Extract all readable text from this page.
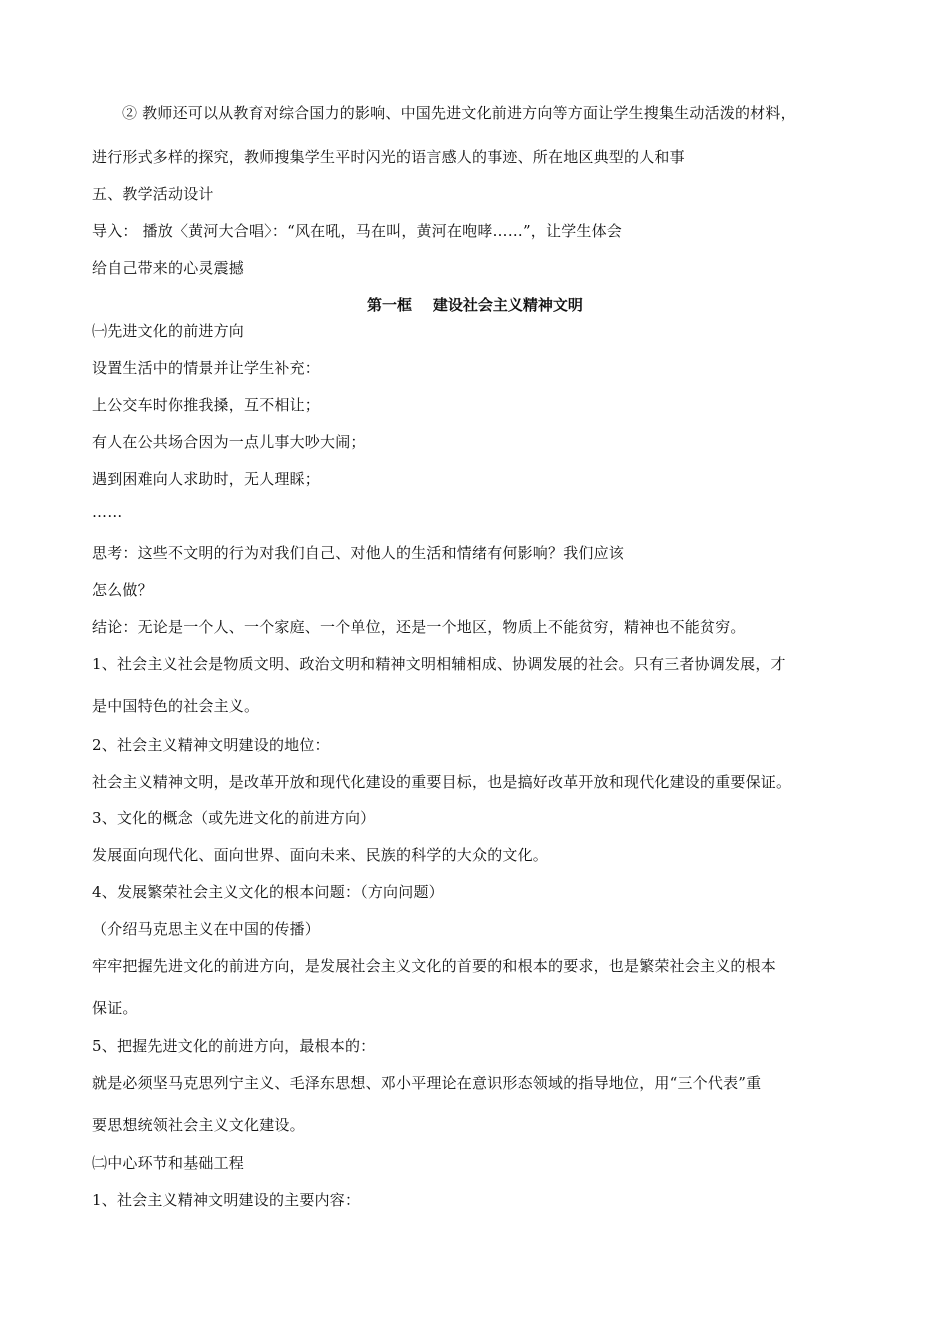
② 教师还可以从教育对综合国力的影响、中国先进文化前进方向等方面让学生搜集生动活泼的材料，
进行形式多样的探究，教师搜集学生平时闪光的语言感人的事迹、所在地区典型的人和事
五、教学活动设计
导入： 播放〈黄河大合唱〉：“风在吼，马在叫，黄河在咆哮……”，让学生体会
给自己带来的心灵震撼
第一框    建设社会主义精神文明
㈠先进文化的前进方向
设置生活中的情景并让学生补充：
上公交车时你推我搡，互不相让；
有人在公共场合因为一点儿事大吵大闹；
遇到困难向人求助时，无人理睬；
……
思考：这些不文明的行为对我们自己、对他人的生活和情绪有何影响？我们应该
怎么做？
结论：无论是一个人、一个家庭、一个单位，还是一个地区，物质上不能贫穷，精神也不能贫穷。
1、社会主义社会是物质文明、政治文明和精神文明相辅相成、协调发展的社会。只有三者协调发展，才
是中国特色的社会主义。
2、社会主义精神文明建设的地位：
社会主义精神文明，是改革开放和现代化建设的重要目标，也是搞好改革开放和现代化建设的重要保证。
3、文化的概念（或先进文化的前进方向）
发展面向现代化、面向世界、面向未来、民族的科学的大众的文化。
4、发展繁荣社会主义文化的根本问题：（方向问题）
（介绍马克思主义在中国的传播）
牢牢把握先进文化的前进方向，是发展社会主义文化的首要的和根本的要求，也是繁荣社会主义的根本
保证。
5、把握先进文化的前进方向，最根本的：
就是必须坚马克思列宁主义、毛泽东思想、邓小平理论在意识形态领域的指导地位，用“三个代表”重
要思想统领社会主义文化建设。
㈡中心环节和基础工程
1、社会主义精神文明建设的主要内容：
